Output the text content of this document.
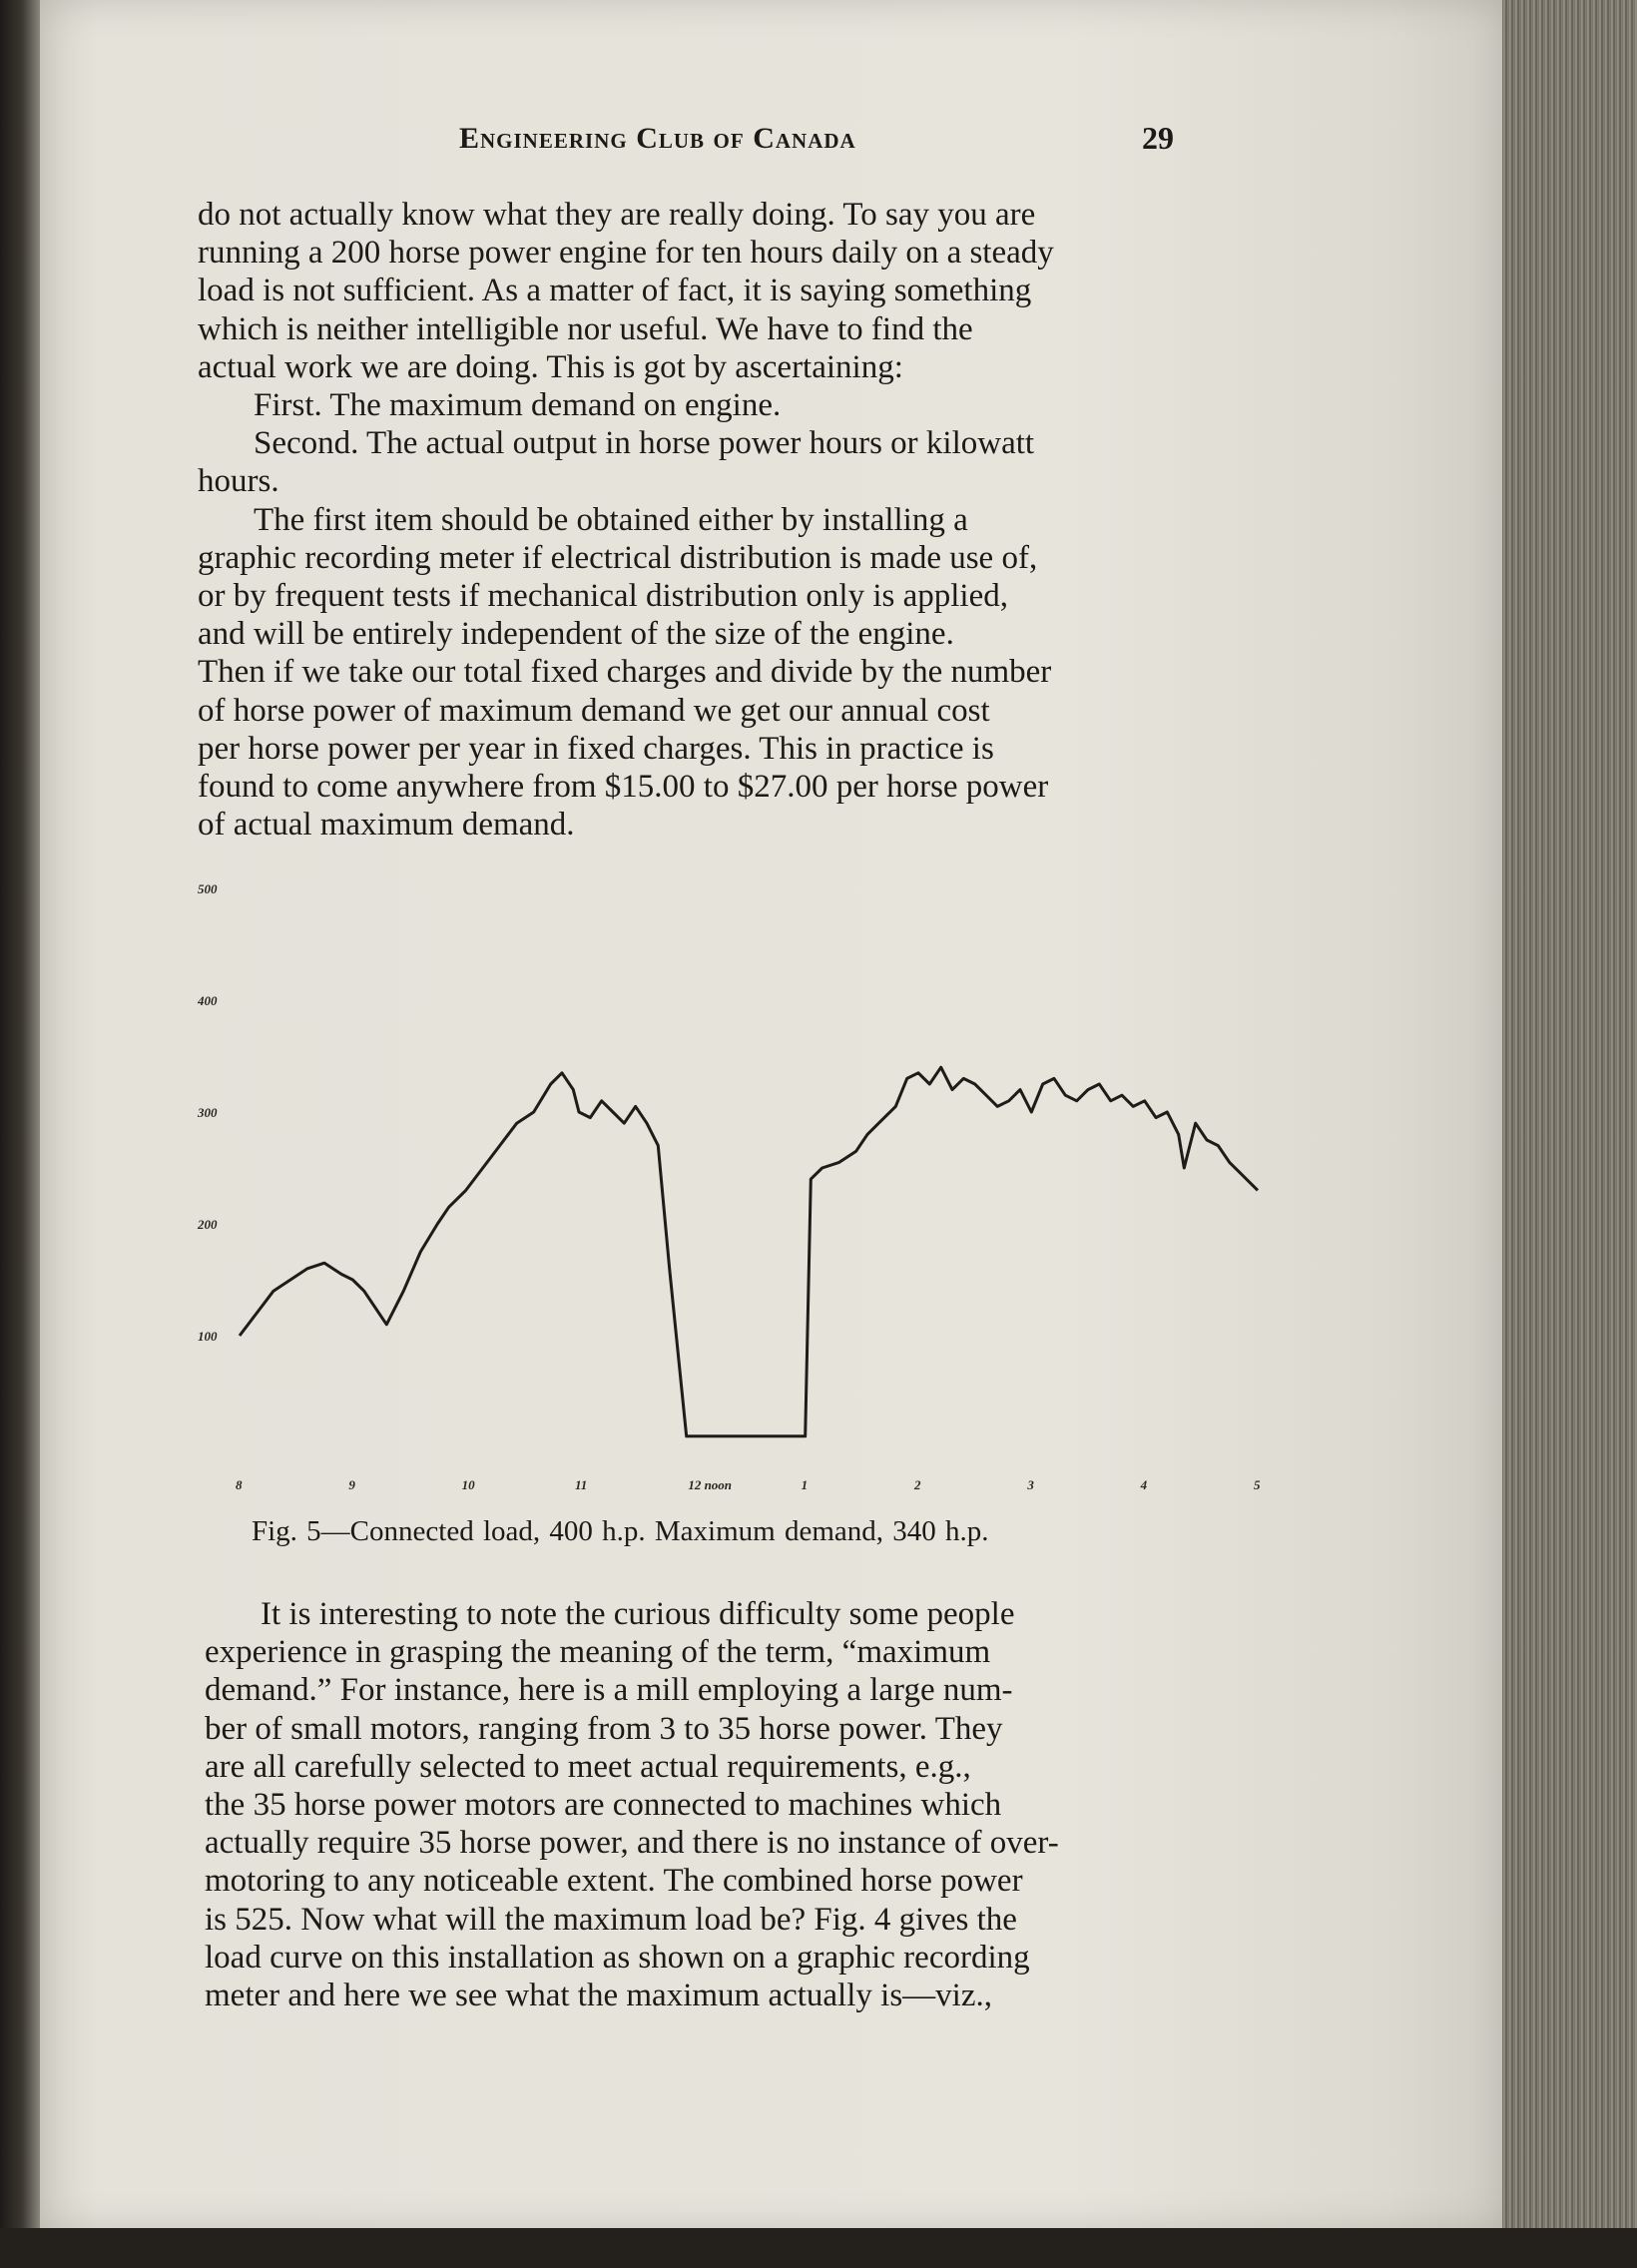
Engineering Club of Canada	29
do not actually know what they are really doing. To say you are
running a 200 horse power engine for ten hours daily on a steady
load is not sufficient. As a matter of fact, it is saying something
which is neither intelligible nor useful. We have to find the
actual work we are doing. This is got by ascertaining:
First. The maximum demand on engine.
Second. The actual output in horse power hours or kilowatt
hours.
The first item should be obtained either by installing a
graphic recording meter if electrical distribution is made use of,
or by frequent tests if mechanical distribution only is applied,
and will be entirely independent of the size of the engine.
Then if we take our total fixed charges and divide by the number
of horse power of maximum demand we get our annual cost
per horse power per year in fixed charges. This in practice is
found to come anywhere from $15.00 to $27.00 per horse power
of actual maximum demand.
100
200
300
400
500
8	9	10	11	12 noon	1	2	3	4	5
Fig. 5—Connected load, 400 h.p. Maximum demand, 340 h.p.
It is interesting to note the curious difficulty some people
experience in grasping the meaning of the term, “maximum
demand.” For instance, here is a mill employing a large num-
ber of small motors, ranging from 3 to 35 horse power. They
are all carefully selected to meet actual requirements, e.g.,
the 35 horse power motors are connected to machines which
actually require 35 horse power, and there is no instance of over-
motoring to any noticeable extent. The combined horse power
is 525. Now what will the maximum load be? Fig. 4 gives the
load curve on this installation as shown on a graphic recording
meter and here we see what the maximum actually is—viz.,
